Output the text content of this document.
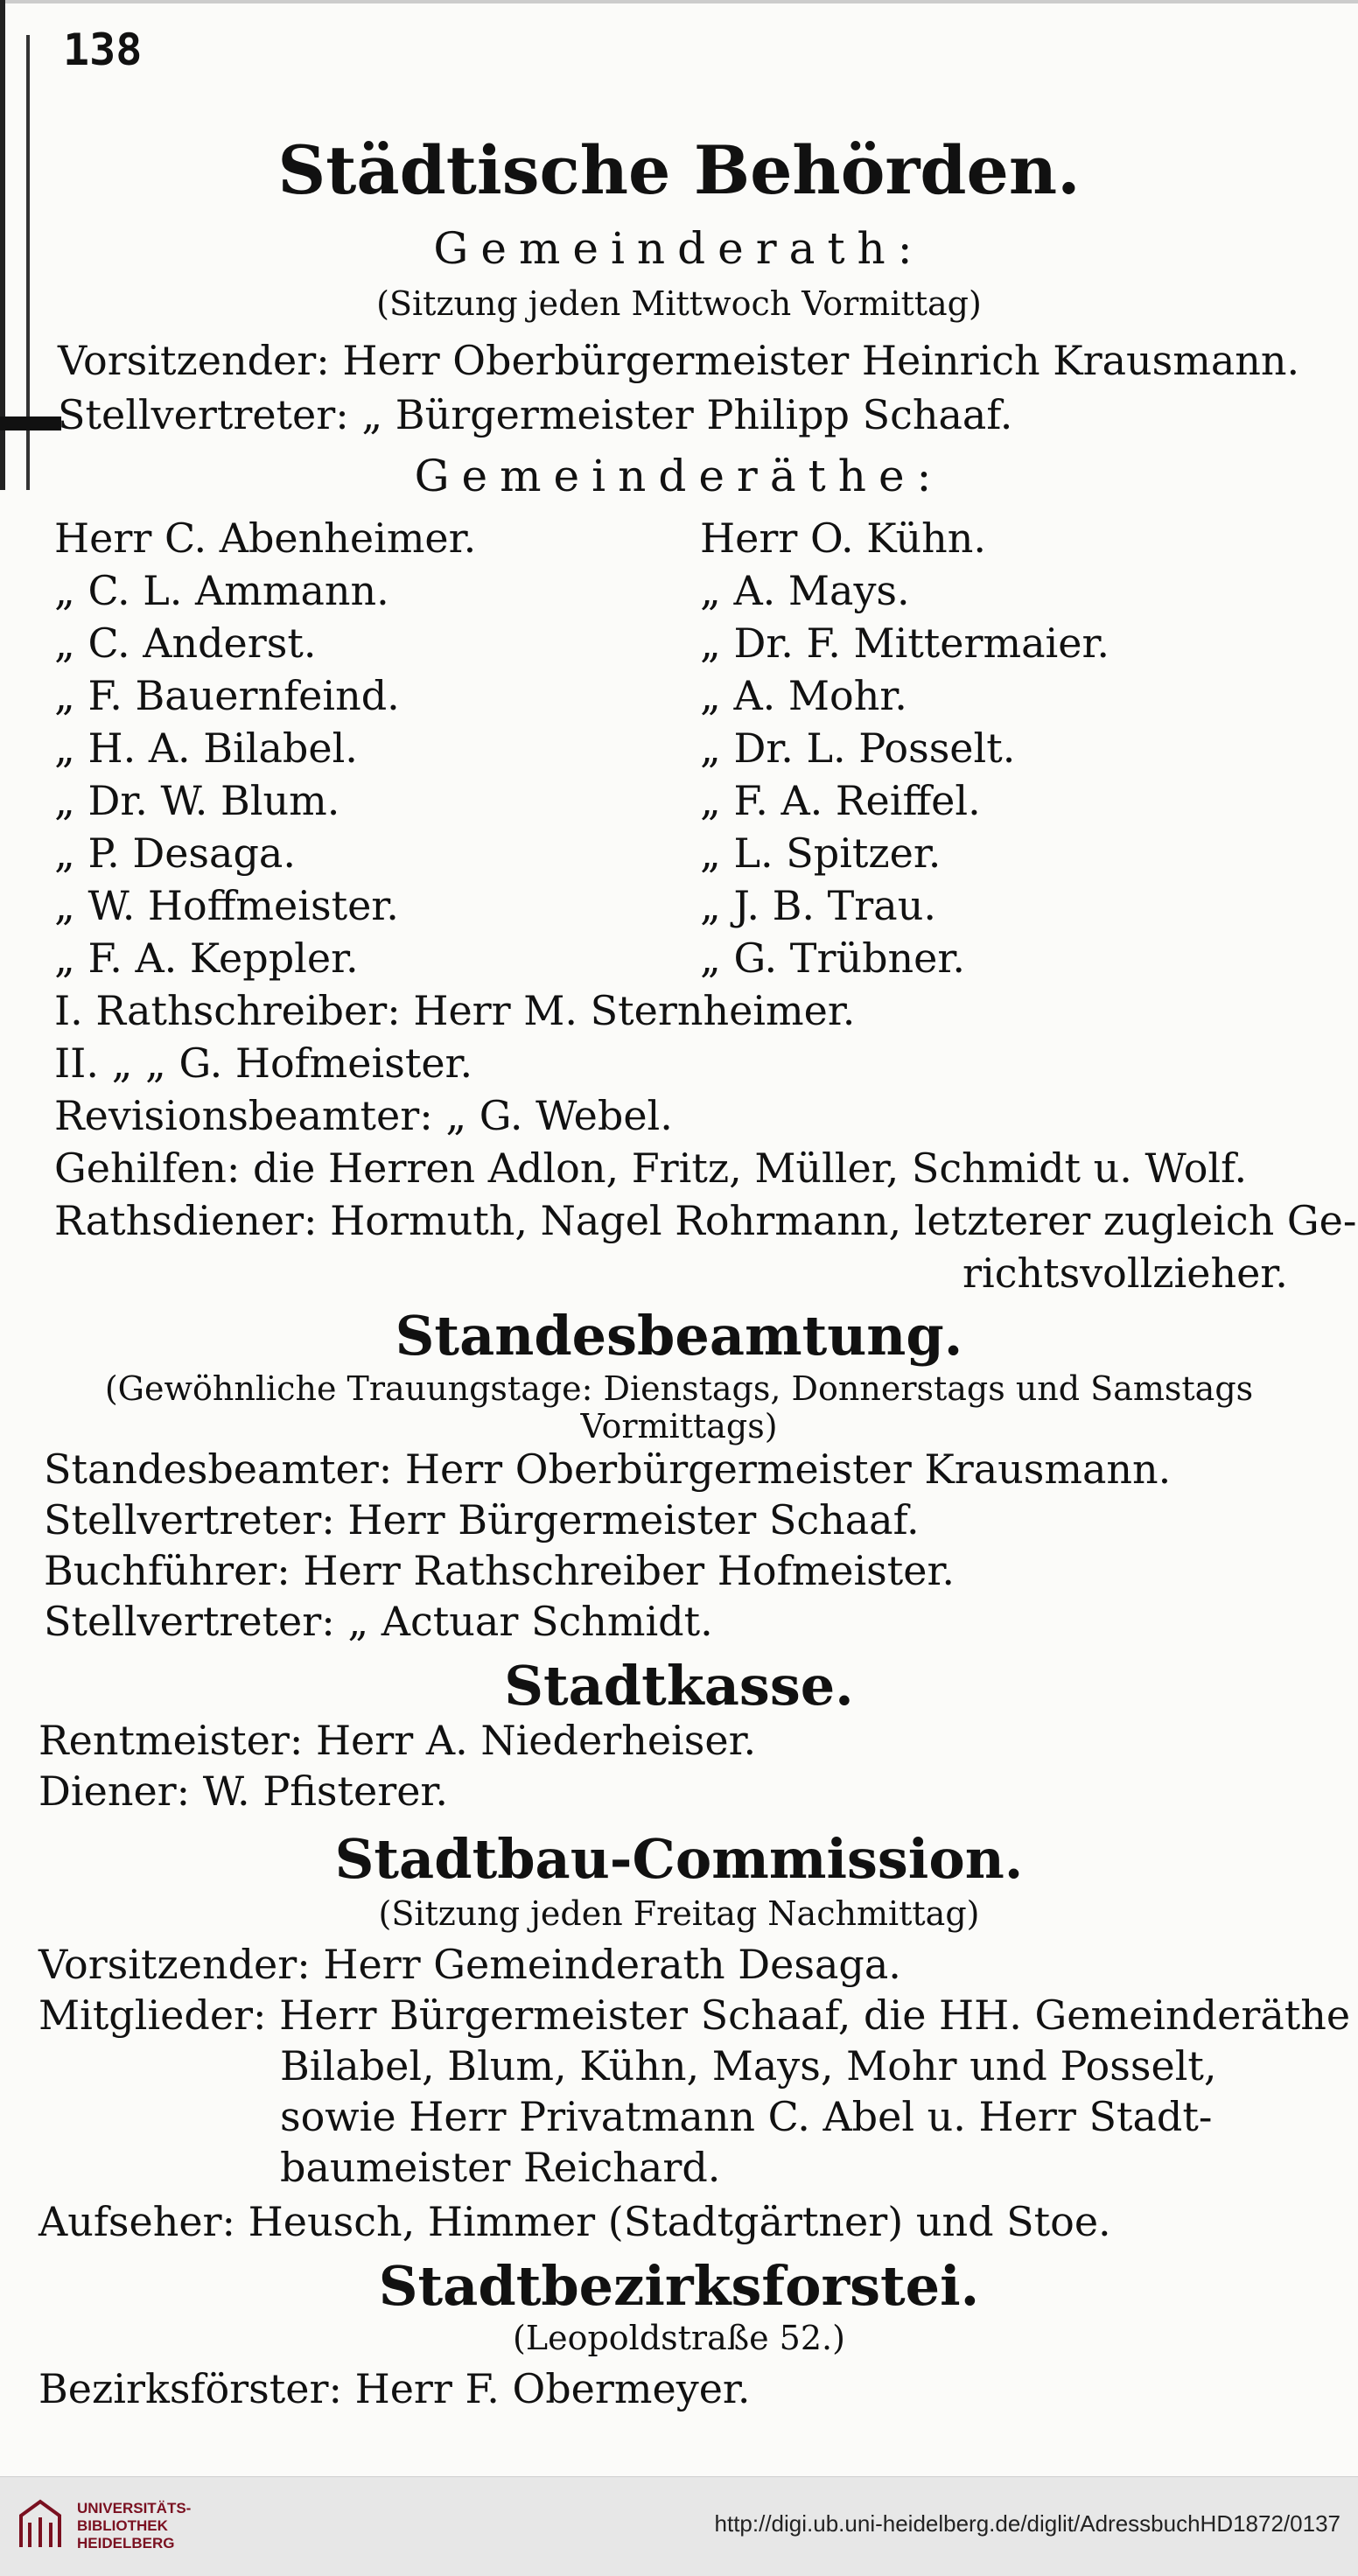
138
Städtische Behörden.
Gemeinderath:
(Sitzung jeden Mittwoch Vormittag)
Vorsitzender: Herr Oberbürgermeister Heinrich Krausmann.
Stellvertreter: „ Bürgermeister Philipp Schaaf.
Gemeinderäthe:
Herr C. Abenheimer.
„ C. L. Ammann.
„ C. Anderst.
„ F. Bauernfeind.
„ H. A. Bilabel.
„ Dr. W. Blum.
„ P. Desaga.
„ W. Hoffmeister.
„ F. A. Keppler.
Herr O. Kühn.
„ A. Mays.
„ Dr. F. Mittermaier.
„ A. Mohr.
„ Dr. L. Posselt.
„ F. A. Reiffel.
„ L. Spitzer.
„ J. B. Trau.
„ G. Trübner.
I. Rathschreiber: Herr M. Sternheimer.
II. „ „ G. Hofmeister.
Revisionsbeamter: „ G. Webel.
Gehilfen: die Herren Adlon, Fritz, Müller, Schmidt u. Wolf.
Rathsdiener: Hormuth, Nagel Rohrmann, letzterer zugleich Ge-
richtsvollzieher.
Standesbeamtung.
(Gewöhnliche Trauungstage: Dienstags, Donnerstags und Samstags
Vormittags)
Standesbeamter: Herr Oberbürgermeister Krausmann.
Stellvertreter: Herr Bürgermeister Schaaf.
Buchführer: Herr Rathschreiber Hofmeister.
Stellvertreter: „ Actuar Schmidt.
Stadtkasse.
Rentmeister: Herr A. Niederheiser.
Diener: W. Pfisterer.
Stadtbau-Commission.
(Sitzung jeden Freitag Nachmittag)
Vorsitzender: Herr Gemeinderath Desaga.
Mitglieder: Herr Bürgermeister Schaaf, die HH. Gemeinderäthe
Bilabel, Blum, Kühn, Mays, Mohr und Posselt,
sowie Herr Privatmann C. Abel u. Herr Stadt-
baumeister Reichard.
Aufseher: Heusch, Himmer (Stadtgärtner) und Stoe.
Stadtbezirksforstei.
(Leopoldstraße 52.)
Bezirksförster: Herr F. Obermeyer.
UNIVERSITÄTS-
BIBLIOTHEK
HEIDELBERG
http://digi.ub.uni-heidelberg.de/diglit/AdressbuchHD1872/0137
